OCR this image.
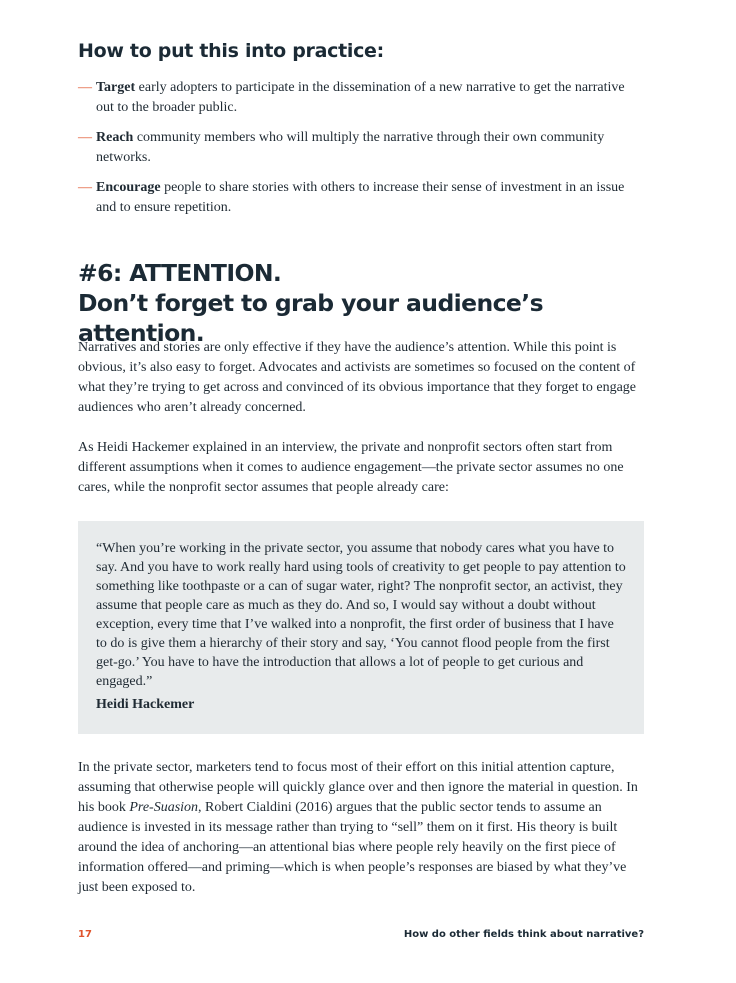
How to put this into practice:
— Target early adopters to participate in the dissemination of a new narrative to get the narrative out to the broader public.
— Reach community members who will multiply the narrative through their own community networks.
— Encourage people to share stories with others to increase their sense of investment in an issue and to ensure repetition.
#6: ATTENTION.
Don’t forget to grab your audience’s attention.

Narratives and stories are only effective if they have the audience’s attention. While this point is obvious, it’s also easy to forget. Advocates and activists are sometimes so focused on the content of what they’re trying to get across and convinced of its obvious importance that they forget to engage audiences who aren’t already concerned.

As Heidi Hackemer explained in an interview, the private and nonprofit sectors often start from different assumptions when it comes to audience engagement—the private sector assumes no one cares, while the nonprofit sector assumes that people already care:

“When you’re working in the private sector, you assume that nobody cares what you have to say. And you have to work really hard using tools of creativity to get people to pay attention to something like toothpaste or a can of sugar water, right? The nonprofit sector, an activist, they assume that people care as much as they do. And so, I would say without a doubt without exception, every time that I’ve walked into a nonprofit, the first order of business that I have to do is give them a hierarchy of their story and say, ‘You cannot flood people from the first get-go.’ You have to have the introduction that allows a lot of people to get curious and engaged.”

Heidi Hackemer

In the private sector, marketers tend to focus most of their effort on this initial attention capture, assuming that otherwise people will quickly glance over and then ignore the material in question. In his book Pre-Suasion, Robert Cialdini (2016) argues that the public sector tends to assume an audience is invested in its message rather than trying to “sell” them on it first. His theory is built around the idea of anchoring—an attentional bias where people rely heavily on the first piece of information offered—and priming—which is when people’s responses are biased by what they’ve just been exposed to.

17	How do other fields think about narrative?
